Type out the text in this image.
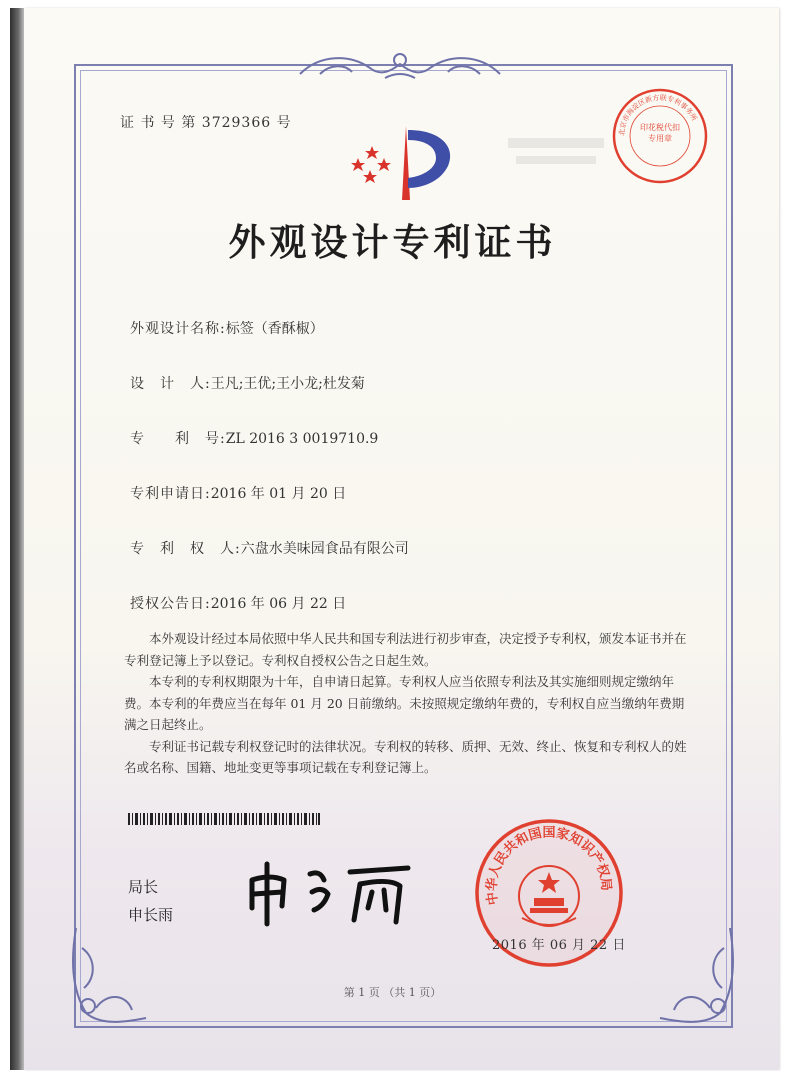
证 书 号 第 3729366 号
北京市海淀区新方联专利事务所
印花税代扣专用章
外观设计专利证书
外观设计名称:标签（香酥椒）
设　计　人:王凡;王优;王小龙;杜发菊
专　　利　号:ZL 2016 3 0019710.9
专利申请日:2016 年 01 月 20 日
专　利　权　人:六盘水美味园食品有限公司
授权公告日:2016 年 06 月 22 日

本外观设计经过本局依照中华人民共和国专利法进行初步审查，决定授予专利权，颁发本证书并在专利登记簿上予以登记。专利权自授权公告之日起生效。

本专利的专利权期限为十年，自申请日起算。专利权人应当依照专利法及其实施细则规定缴纳年费。本专利的年费应当在每年 01 月 20 日前缴纳。未按照规定缴纳年费的，专利权自应当缴纳年费期满之日起终止。

专利证书记载专利权登记时的法律状况。专利权的转移、质押、无效、终止、恢复和专利权人的姓名或名称、国籍、地址变更等事项记载在专利登记簿上。

局长
申长雨
中华人民共和国国家知识产权局
2016 年 06 月 22 日
第 1 页 （共 1 页）
